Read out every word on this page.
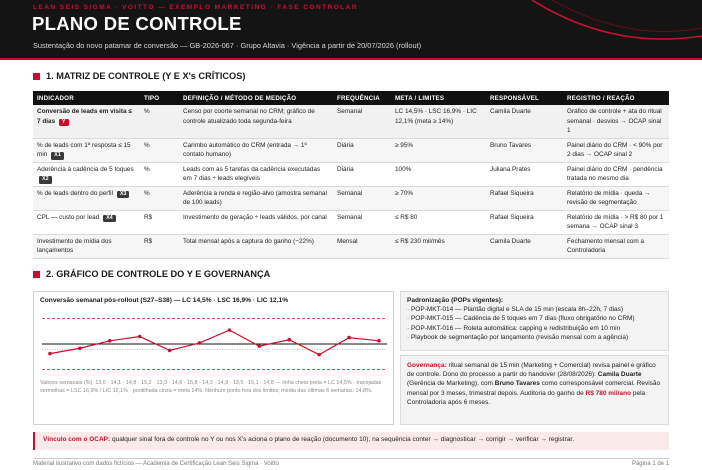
LEAN SEIS SIGMA · VOITTO — EXEMPLO MARKETING · FASE CONTROLAR
PLANO DE CONTROLE
Sustentação do novo patamar de conversão — GB-2026-067 · Grupo Altavia · Vigência a partir de 20/07/2026 (rollout)
1. MATRIZ DE CONTROLE (Y E X's CRÍTICOS)
INDICADOR	TIPO	DEFINIÇÃO / MÉTODO DE MEDIÇÃO	FREQUÊNCIA	META / LIMITES	RESPONSÁVEL	REGISTRO / REAÇÃO
Conversão de leads em visita ≤ 7 dias Y	%	Censo por coorte semanal no CRM; gráfico de controle atualizado toda segunda-feira	Semanal	LC 14,5% · LSC 16,9% · LIC 12,1% (meta ≥ 14%)	Camila Duarte	Gráfico de controle + ata do ritual semanal · desvios → OCAP sinal 1
% de leads com 1ª resposta ≤ 15 min X1	%	Carimbo automático do CRM (entrada → 1º contato humano)	Diária	≥ 95%	Bruno Tavares	Painel diário do CRM · < 90% por 2 dias → OCAP sinal 2
Aderência à cadência de 5 toques X2	%	Leads com as 5 tarefas da cadência executadas em 7 dias ÷ leads elegíveis	Diária	100%	Juliana Prates	Painel diário do CRM · pendência tratada no mesmo dia
% de leads dentro do perfil X3	%	Aderência a renda e região-alvo (amostra semanal de 100 leads)	Semanal	≥ 70%	Rafael Siqueira	Relatório de mídia · queda → revisão de segmentação
CPL — custo por lead X4	R$	Investimento de geração ÷ leads válidos, por canal	Semanal	≤ R$ 80	Rafael Siqueira	Relatório de mídia · > R$ 80 por 1 semana → OCAP sinal 3
Investimento de mídia dos lançamentos	R$	Total mensal após a captura do ganho (−22%)	Mensal	≤ R$ 230 mil/mês	Camila Duarte	Fechamento mensal com a Controladoria
2. GRÁFICO DE CONTROLE DO Y E GOVERNANÇA
Conversão semanal pós-rollout (S27–S38) — LC 14,5% · LSC 16,9% · LIC 12,1%
Valores semanais (%): 13,6 · 14,1 · 14,8 · 15,2 · 13,9 · 14,6 · 15,8 · 14,3 · 14,9 · 13,5 · 15,1 · 14,8 — linha cheia preta = LC 14,5% · tracejadas vermelhas = LSC 16,9% / LIC 12,1% · pontilhada cinza = meta 14%. Nenhum ponto fora dos limites; média das últimas 6 semanas: 14,8%.
Padronização (POPs vigentes):
· POP-MKT-014 — Plantão digital e SLA de 15 min (escala 8h–22h, 7 dias)
· POP-MKT-015 — Cadência de 5 toques em 7 dias (fluxo obrigatório no CRM)
· POP-MKT-016 — Roleta automática: capping e redistribuição em 10 min
· Playbook de segmentação por lançamento (revisão mensal com a agência)
Governança: ritual semanal de 15 min (Marketing + Comercial) revisa painel e gráfico de controle. Dono do processo a partir do handover (28/08/2026): Camila Duarte (Gerência de Marketing), com Bruno Tavares como corresponsável comercial. Revisão mensal por 3 meses, trimestral depois. Auditoria do ganho de R$ 780 mil/ano pela Controladoria após 6 meses.
Vínculo com o OCAP: qualquer sinal fora de controle no Y ou nos X's aciona o plano de reação (documento 10), na sequência conter → diagnosticar → corrigir → verificar → registrar.
Material ilustrativo com dados fictícios — Academia de Certificação Lean Seis Sigma · Voitto	Página 1 de 1
